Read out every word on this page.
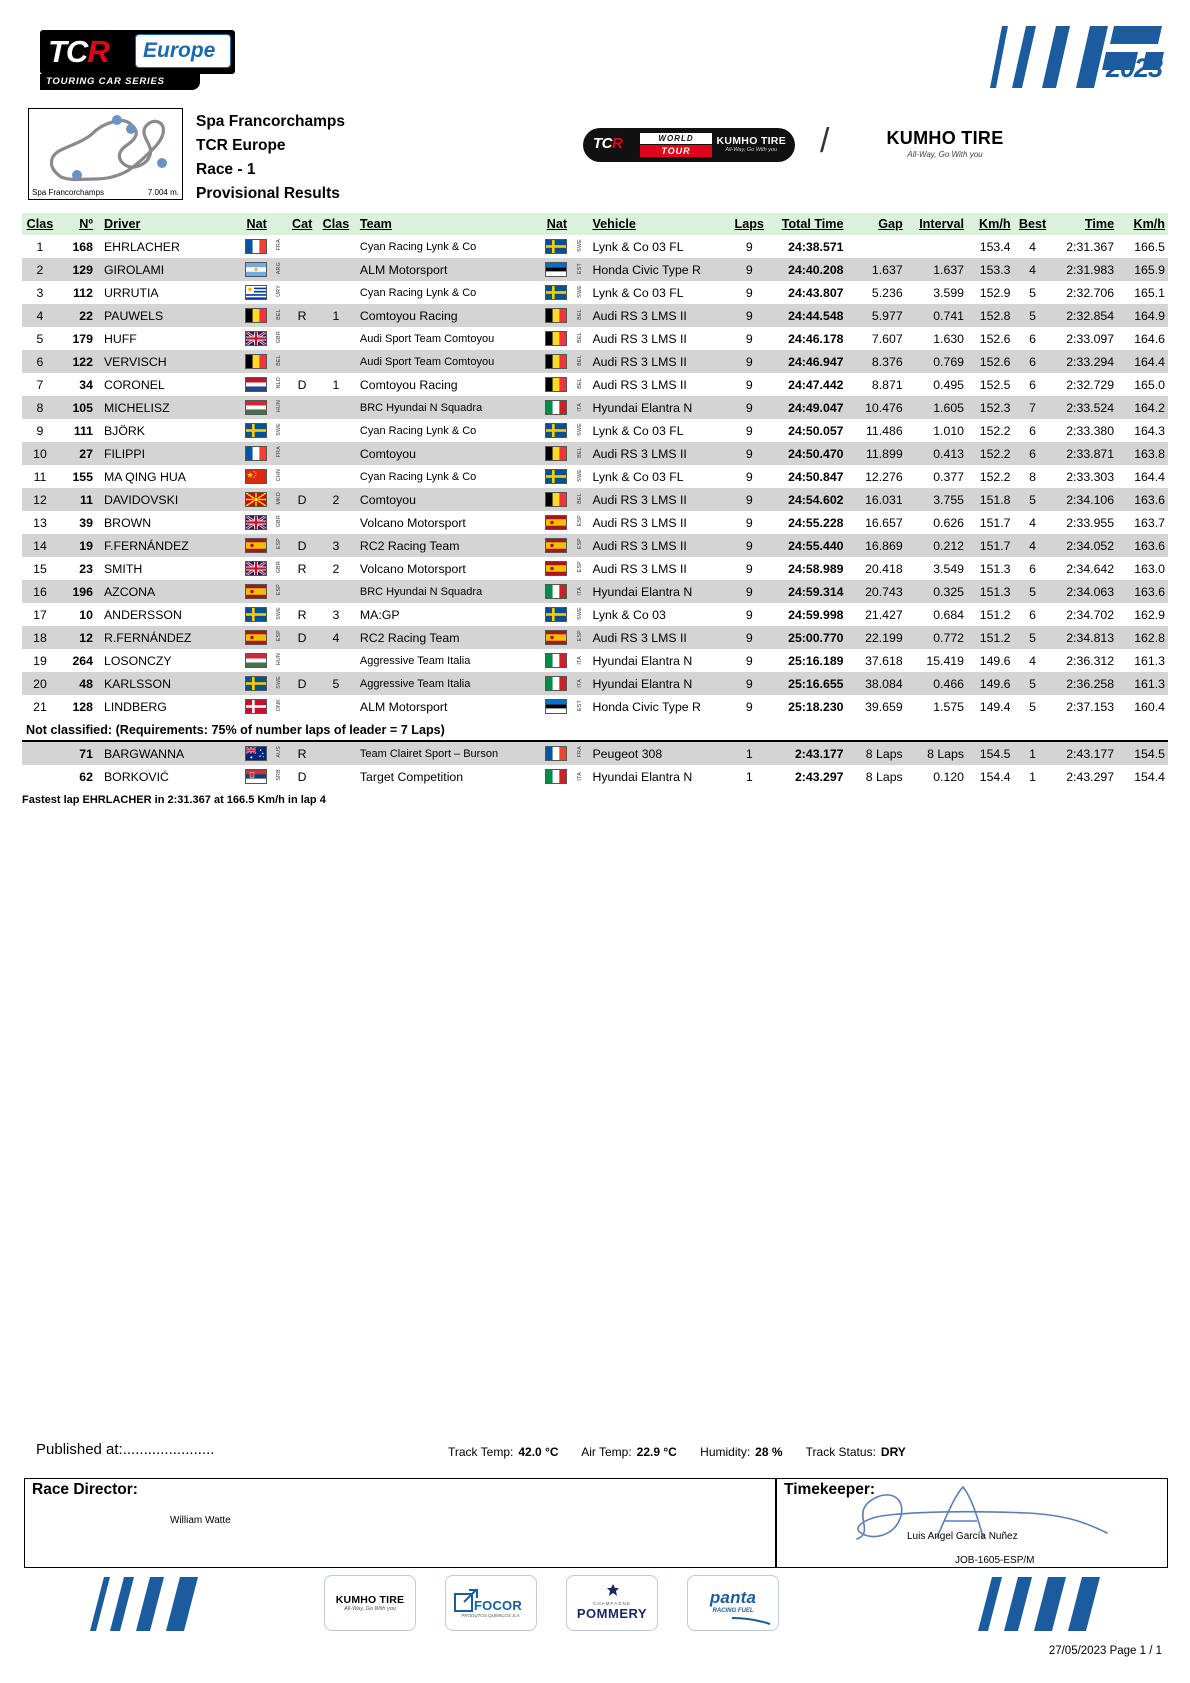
TCR Europe
TOURING CAR SERIES
Spa Francorchamps	7.004 m.
Spa Francorchamps
TCR Europe
Race - 1
Provisional Results
TCR	WORLD
TOUR
KUMHO TIRE
All-Way, Go With you /	KUMHO TIRE
All-Way, Go With you
2023
Clas	Nº	Driver	Nat		Cat	Clas	Team	Nat		Vehicle	Laps	Total Time	Gap	Interval	Km/h	Best	Time	Km/h
1	168	EHRLACHER		FRA			Cyan Racing Lynk & Co		SWE	Lynk & Co 03 FL	9	24:38.571			153.4	4	2:31.367	166.5
2	129	GIROLAMI		ARG			ALM Motorsport		EST	Honda Civic Type R	9	24:40.208	1.637	1.637	153.3	4	2:31.983	165.9
3	112	URRUTIA		URY			Cyan Racing Lynk & Co		SWE	Lynk & Co 03 FL	9	24:43.807	5.236	3.599	152.9	5	2:32.706	165.1
4	22	PAUWELS		BEL	R	1	Comtoyou Racing		BEL	Audi RS 3 LMS II	9	24:44.548	5.977	0.741	152.8	5	2:32.854	164.9
5	179	HUFF		GBR			Audi Sport Team Comtoyou		BEL	Audi RS 3 LMS II	9	24:46.178	7.607	1.630	152.6	6	2:33.097	164.6
6	122	VERVISCH		BEL			Audi Sport Team Comtoyou		BEL	Audi RS 3 LMS II	9	24:46.947	8.376	0.769	152.6	6	2:33.294	164.4
7	34	CORONEL		NLD	D	1	Comtoyou Racing		BEL	Audi RS 3 LMS II	9	24:47.442	8.871	0.495	152.5	6	2:32.729	165.0
8	105	MICHELISZ		HUN			BRC Hyundai N Squadra		ITA	Hyundai Elantra N	9	24:49.047	10.476	1.605	152.3	7	2:33.524	164.2
9	111	BJÖRK		SWE			Cyan Racing Lynk & Co		SWE	Lynk & Co 03 FL	9	24:50.057	11.486	1.010	152.2	6	2:33.380	164.3
10	27	FILIPPI		FRA			Comtoyou		BEL	Audi RS 3 LMS II	9	24:50.470	11.899	0.413	152.2	6	2:33.871	163.8
11	155	MA QING HUA		CHN			Cyan Racing Lynk & Co		SWE	Lynk & Co 03 FL	9	24:50.847	12.276	0.377	152.2	8	2:33.303	164.4
12	11	DAVIDOVSKI		MKD	D	2	Comtoyou		BEL	Audi RS 3 LMS II	9	24:54.602	16.031	3.755	151.8	5	2:34.106	163.6
13	39	BROWN		GBR			Volcano Motorsport		ESP	Audi RS 3 LMS II	9	24:55.228	16.657	0.626	151.7	4	2:33.955	163.7
14	19	F.FERNÁNDEZ		ESP	D	3	RC2 Racing Team		ESP	Audi RS 3 LMS II	9	24:55.440	16.869	0.212	151.7	4	2:34.052	163.6
15	23	SMITH		GBR	R	2	Volcano Motorsport		ESP	Audi RS 3 LMS II	9	24:58.989	20.418	3.549	151.3	6	2:34.642	163.0
16	196	AZCONA		ESP			BRC Hyundai N Squadra		ITA	Hyundai Elantra N	9	24:59.314	20.743	0.325	151.3	5	2:34.063	163.6
17	10	ANDERSSON		SWE	R	3	MA:GP		SWE	Lynk & Co 03	9	24:59.998	21.427	0.684	151.2	6	2:34.702	162.9
18	12	R.FERNÁNDEZ		ESP	D	4	RC2 Racing Team		ESP	Audi RS 3 LMS II	9	25:00.770	22.199	0.772	151.2	5	2:34.813	162.8
19	264	LOSONCZY		HUN			Aggressive Team Italia		ITA	Hyundai Elantra N	9	25:16.189	37.618	15.419	149.6	4	2:36.312	161.3
20	48	KARLSSON		SWE	D	5	Aggressive Team Italia		ITA	Hyundai Elantra N	9	25:16.655	38.084	0.466	149.6	5	2:36.258	161.3
21	128	LINDBERG		DNK			ALM Motorsport		EST	Honda Civic Type R	9	25:18.230	39.659	1.575	149.4	5	2:37.153	160.4
Not classified: (Requirements: 75% of number laps of leader = 7 Laps)
	71	BARGWANNA		AUS	R		Team Clairet Sport – Burson		FRA	Peugeot 308	1	2:43.177	8 Laps	8 Laps	154.5	1	2:43.177	154.5
	62	BORKOVIĆ		SRB	D		Target Competition		ITA	Hyundai Elantra N	1	2:43.297	8 Laps	0.120	154.4	1	2:43.297	154.4
Fastest lap EHRLACHER in 2:31.367 at 166.5 Km/h in lap 4
Published at:......................	Track Temp: 42.0 °C Air Temp: 22.9 °C Humidity: 28 % Track Status: DRY
Race Director:
William Watte
Timekeeper:
Luis Angel García Nuñez
JOB-1605-ESP/M
KUMHO TIRE
All-Way, Go With you	FOCOR
PRODUTOS QUÍMICOS S.A.
CHAMPAGNE
POMMERY
panta
RACING FUEL
27/05/2023 Page 1 / 1
